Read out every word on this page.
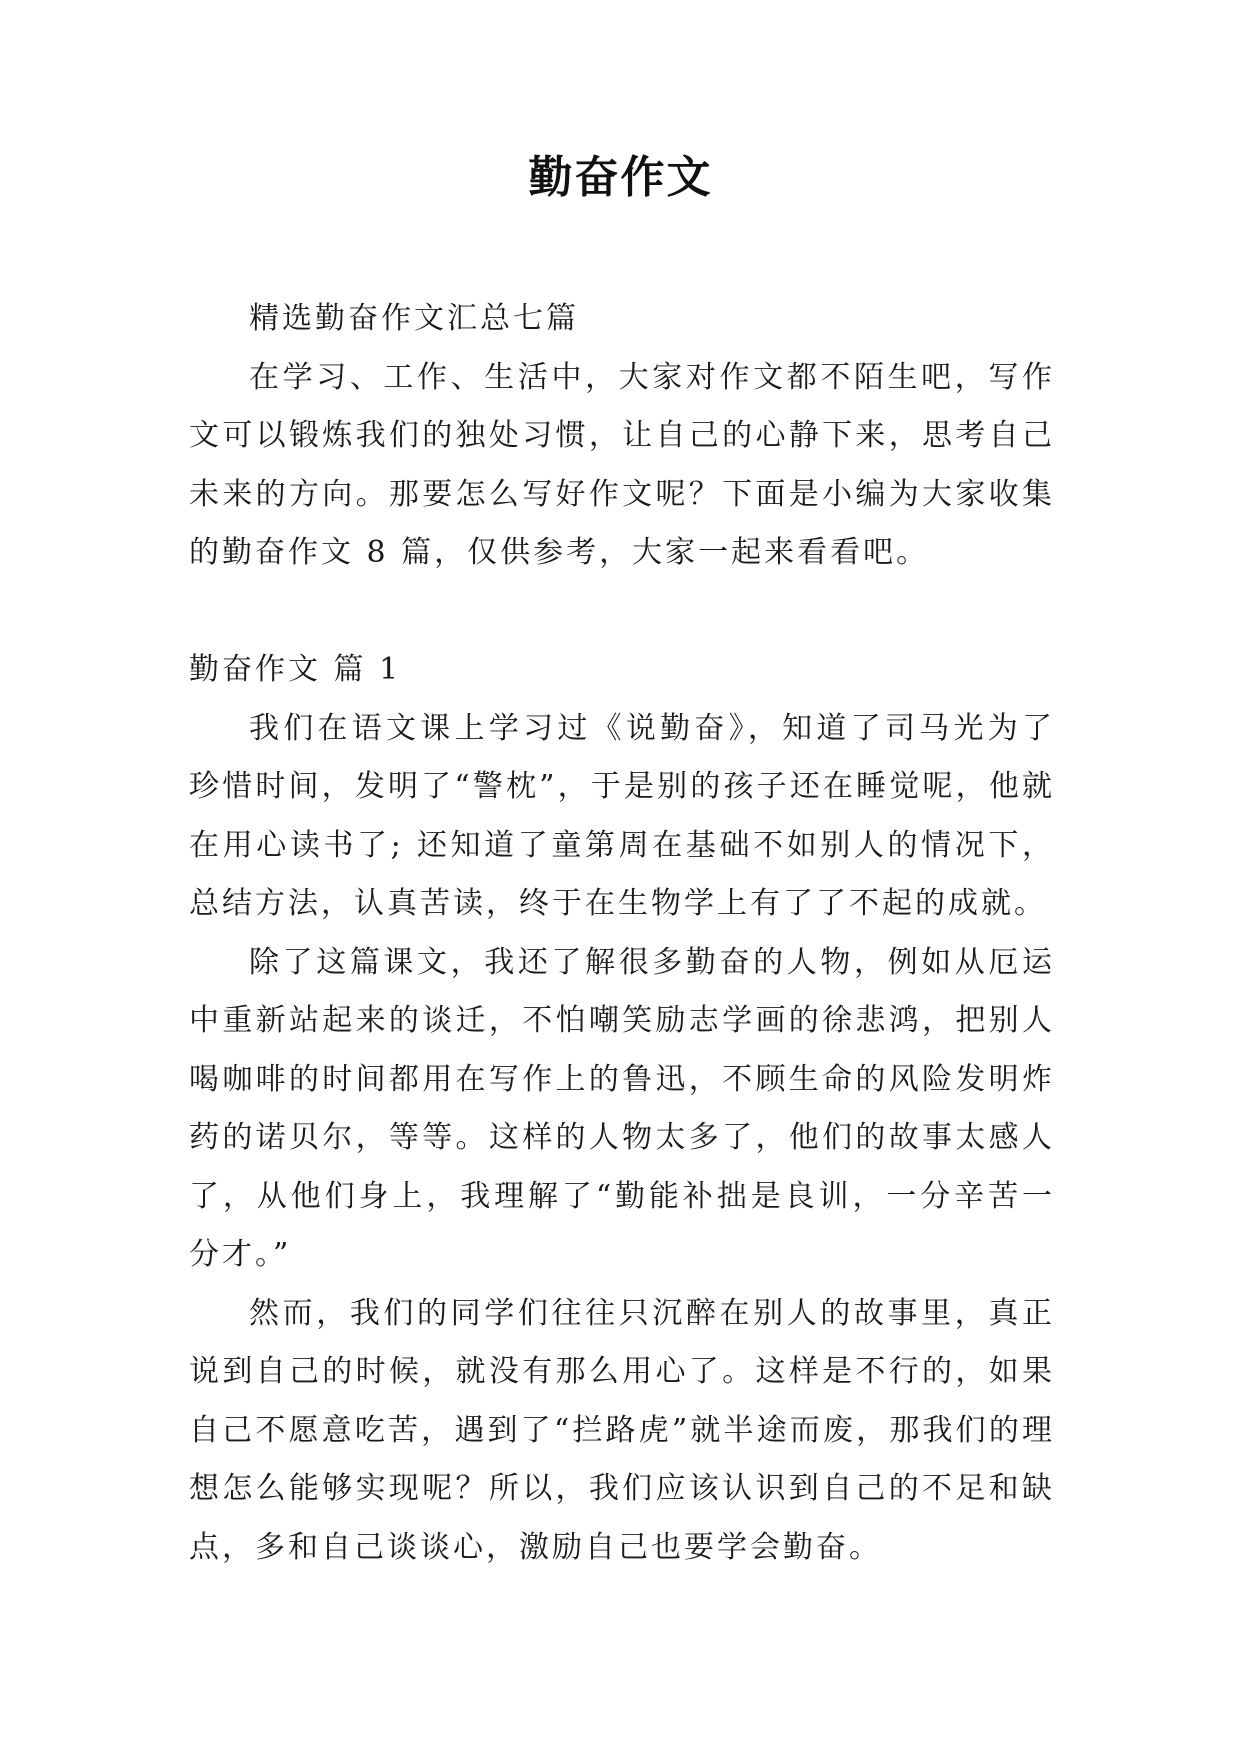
勤奋作文

精选勤奋作文汇总七篇

在学习、工作、生活中，大家对作文都不陌生吧，写作文可以锻炼我们的独处习惯，让自己的心静下来，思考自己未来的方向。那要怎么写好作文呢？下面是小编为大家收集的勤奋作文 8 篇，仅供参考，大家一起来看看吧。

勤奋作文 篇 1

我们在语文课上学习过《说勤奋》，知道了司马光为了珍惜时间，发明了“警枕”，于是别的孩子还在睡觉呢，他就在用心读书了; 还知道了童第周在基础不如别人的情况下，总结方法，认真苦读，终于在生物学上有了了不起的成就。

除了这篇课文，我还了解很多勤奋的人物，例如从厄运中重新站起来的谈迁，不怕嘲笑励志学画的徐悲鸿，把别人喝咖啡的时间都用在写作上的鲁迅，不顾生命的风险发明炸药的诺贝尔，等等。这样的人物太多了，他们的故事太感人了，从他们身上，我理解了“勤能补拙是良训，一分辛苦一分才。”

然而，我们的同学们往往只沉醉在别人的故事里，真正说到自己的时候，就没有那么用心了。这样是不行的，如果自己不愿意吃苦，遇到了“拦路虎”就半途而废，那我们的理想怎么能够实现呢？所以，我们应该认识到自己的不足和缺点，多和自己谈谈心，激励自己也要学会勤奋。
